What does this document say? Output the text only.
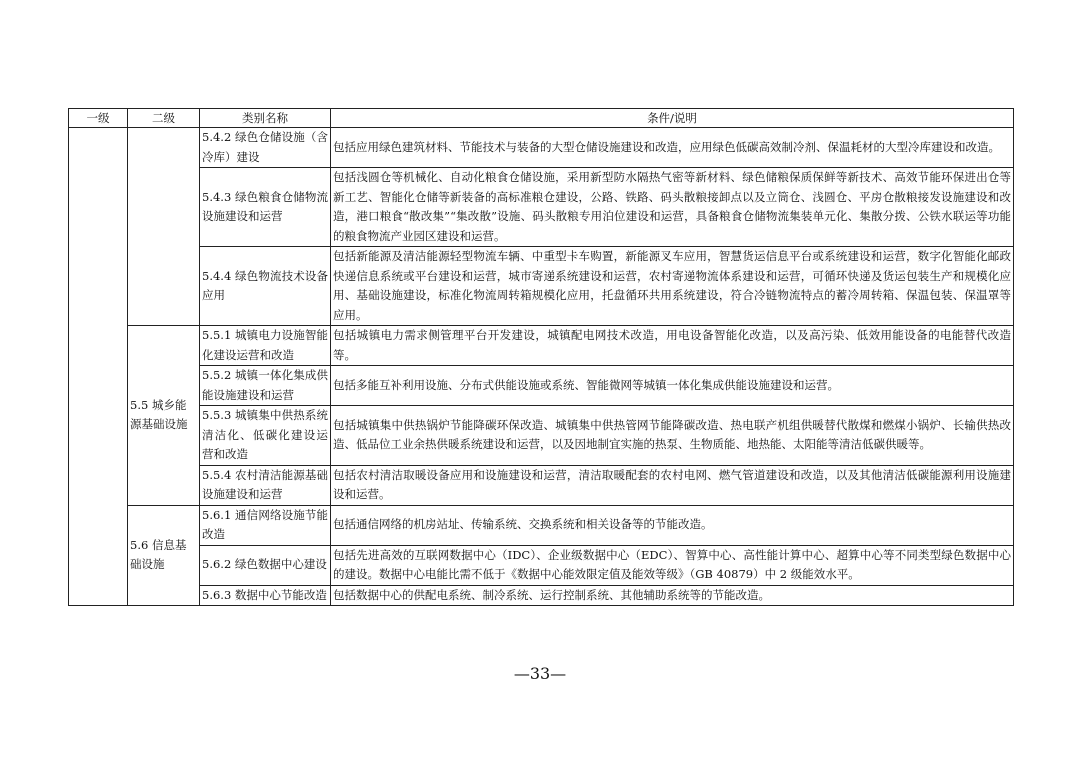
一级	二级	类别名称	条件/说明
		5.4.2 绿色仓储设施（含冷库）建设	包括应用绿色建筑材料、节能技术与装备的大型仓储设施建设和改造，应用绿色低碳高效制冷剂、保温耗材的大型冷库建设和改造。
		5.4.3 绿色粮食仓储物流设施建设和运营	包括浅圆仓等机械化、自动化粮食仓储设施，采用新型防水隔热气密等新材料、绿色储粮保质保鲜等新技术、高效节能环保进出仓等新工艺、智能化仓储等新装备的高标准粮仓建设，公路、铁路、码头散粮接卸点以及立筒仓、浅圆仓、平房仓散粮接发设施建设和改造，港口粮食“散改集”“集改散”设施、码头散粮专用泊位建设和运营，具备粮食仓储物流集装单元化、集散分拨、公铁水联运等功能的粮食物流产业园区建设和运营。
		5.4.4 绿色物流技术设备应用	包括新能源及清洁能源轻型物流车辆、中重型卡车购置，新能源叉车应用，智慧货运信息平台或系统建设和运营，数字化智能化邮政快递信息系统或平台建设和运营，城市寄递系统建设和运营，农村寄递物流体系建设和运营，可循环快递及货运包装生产和规模化应用、基础设施建设，标准化物流周转箱规模化应用，托盘循环共用系统建设，符合冷链物流特点的蓄冷周转箱、保温包装、保温罩等应用。
	5.5 城乡能源基础设施	5.5.1 城镇电力设施智能化建设运营和改造	包括城镇电力需求侧管理平台开发建设，城镇配电网技术改造，用电设备智能化改造，以及高污染、低效用能设备的电能替代改造等。
		5.5.2 城镇一体化集成供能设施建设和运营	包括多能互补利用设施、分布式供能设施或系统、智能微网等城镇一体化集成供能设施建设和运营。
		5.5.3 城镇集中供热系统清洁化、低碳化建设运营和改造	包括城镇集中供热锅炉节能降碳环保改造、城镇集中供热管网节能降碳改造、热电联产机组供暖替代散煤和燃煤小锅炉、长输供热改造、低品位工业余热供暖系统建设和运营，以及因地制宜实施的热泵、生物质能、地热能、太阳能等清洁低碳供暖等。
		5.5.4 农村清洁能源基础设施建设和运营	包括农村清洁取暖设备应用和设施建设和运营，清洁取暖配套的农村电网、燃气管道建设和改造，以及其他清洁低碳能源利用设施建设和运营。
	5.6 信息基础设施	5.6.1 通信网络设施节能改造	包括通信网络的机房站址、传输系统、交换系统和相关设备等的节能改造。
		5.6.2 绿色数据中心建设	包括先进高效的互联网数据中心（IDC）、企业级数据中心（EDC）、智算中心、高性能计算中心、超算中心等不同类型绿色数据中心的建设。数据中心电能比需不低于《数据中心能效限定值及能效等级》（GB 40879）中 2 级能效水平。
		5.6.3 数据中心节能改造	包括数据中心的供配电系统、制冷系统、运行控制系统、其他辅助系统等的节能改造。
—33—
